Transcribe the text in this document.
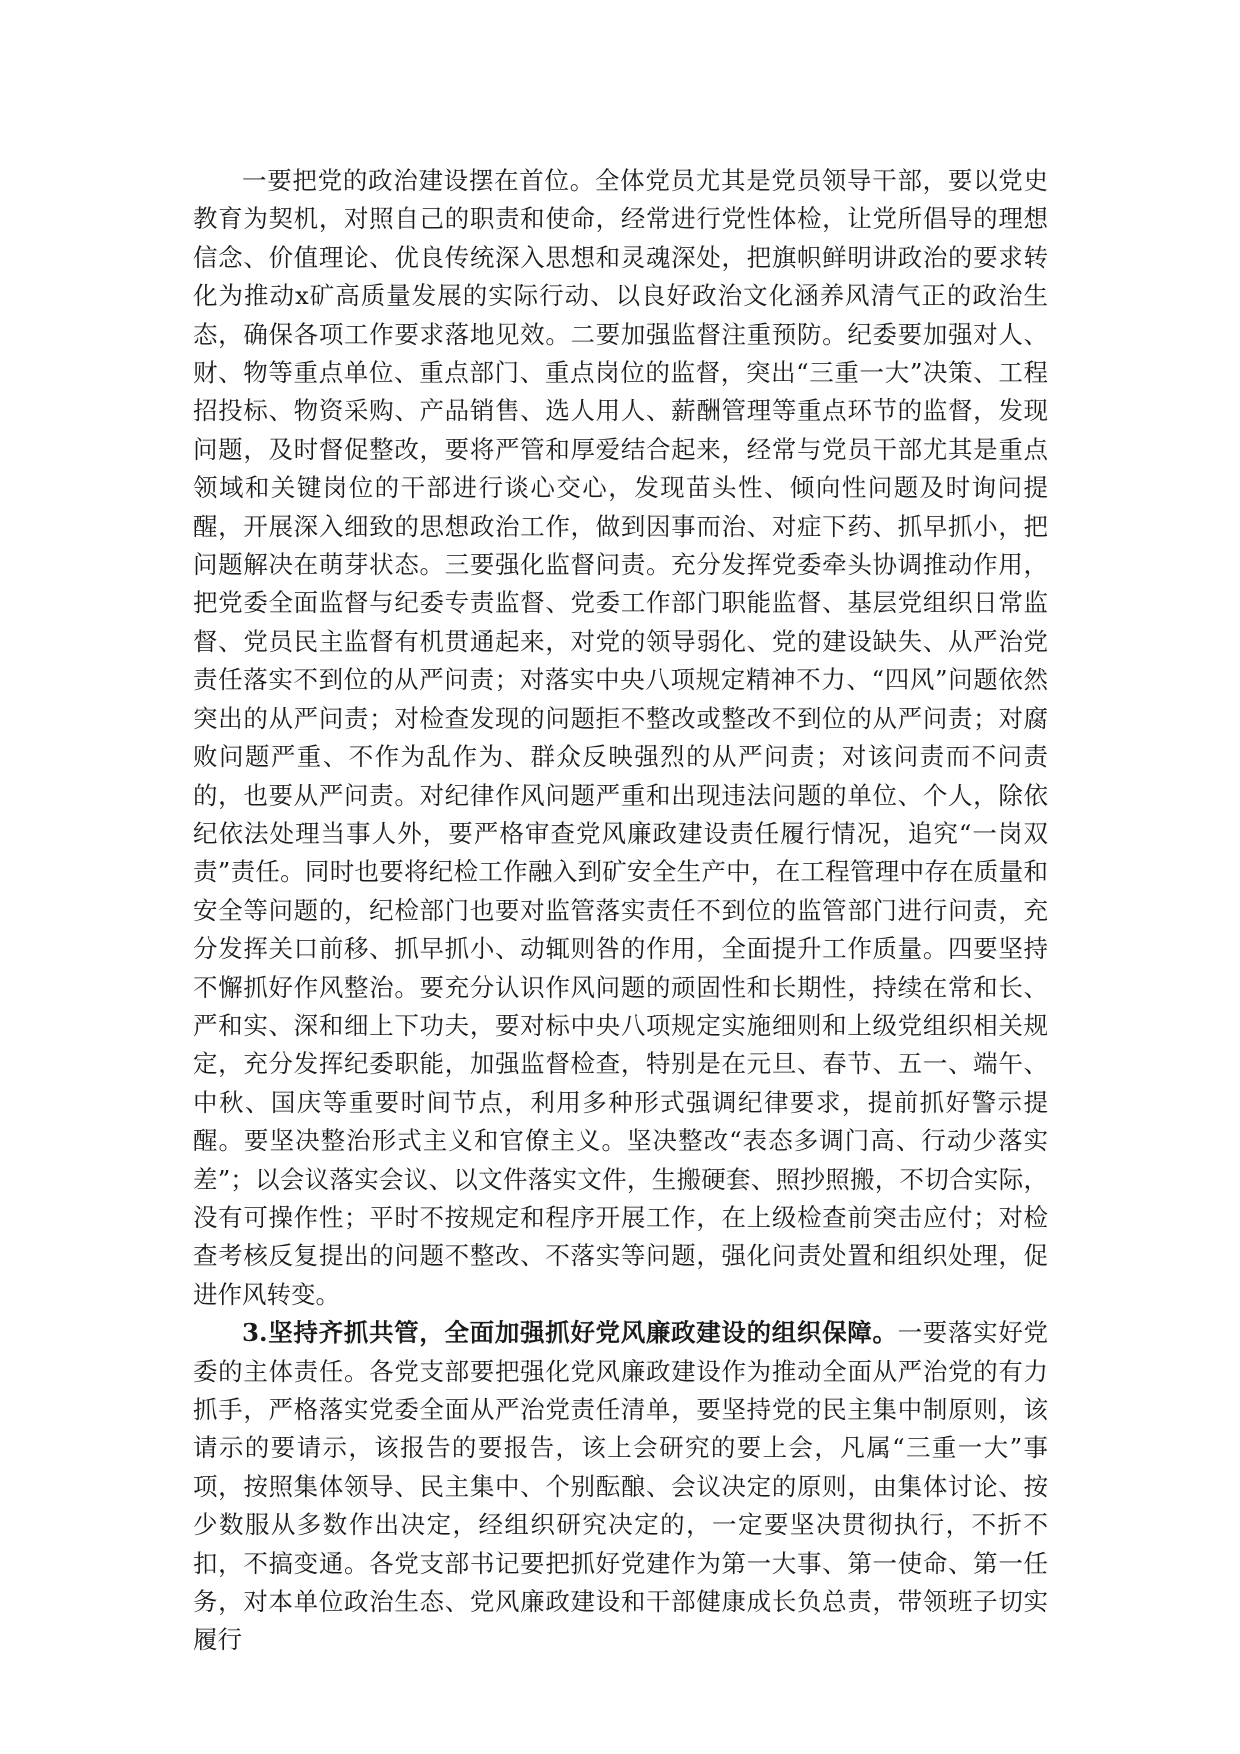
一要把党的政治建设摆在首位。全体党员尤其是党员领导干部，要以党史教育为契机，对照自己的职责和使命，经常进行党性体检，让党所倡导的理想信念、价值理论、优良传统深入思想和灵魂深处，把旗帜鲜明讲政治的要求转化为推动x矿高质量发展的实际行动、以良好政治文化涵养风清气正的政治生态，确保各项工作要求落地见效。二要加强监督注重预防。纪委要加强对人、财、物等重点单位、重点部门、重点岗位的监督，突出“三重一大”决策、工程招投标、物资采购、产品销售、选人用人、薪酬管理等重点环节的监督，发现问题，及时督促整改，要将严管和厚爱结合起来，经常与党员干部尤其是重点领域和关键岗位的干部进行谈心交心，发现苗头性、倾向性问题及时询问提醒，开展深入细致的思想政治工作，做到因事而治、对症下药、抓早抓小，把问题解决在萌芽状态。三要强化监督问责。充分发挥党委牵头协调推动作用，把党委全面监督与纪委专责监督、党委工作部门职能监督、基层党组织日常监督、党员民主监督有机贯通起来，对党的领导弱化、党的建设缺失、从严治党责任落实不到位的从严问责；对落实中央八项规定精神不力、“四风”问题依然突出的从严问责；对检查发现的问题拒不整改或整改不到位的从严问责；对腐败问题严重、不作为乱作为、群众反映强烈的从严问责；对该问责而不问责的，也要从严问责。对纪律作风问题严重和出现违法问题的单位、个人，除依纪依法处理当事人外，要严格审查党风廉政建设责任履行情况，追究“一岗双责”责任。同时也要将纪检工作融入到矿安全生产中，在工程管理中存在质量和安全等问题的，纪检部门也要对监管落实责任不到位的监管部门进行问责，充分发挥关口前移、抓早抓小、动辄则咎的作用，全面提升工作质量。四要坚持不懈抓好作风整治。要充分认识作风问题的顽固性和长期性，持续在常和长、严和实、深和细上下功夫，要对标中央八项规定实施细则和上级党组织相关规定，充分发挥纪委职能，加强监督检查，特别是在元旦、春节、五一、端午、中秋、国庆等重要时间节点，利用多种形式强调纪律要求，提前抓好警示提醒。要坚决整治形式主义和官僚主义。坚决整改“表态多调门高、行动少落实差”；以会议落实会议、以文件落实文件，生搬硬套、照抄照搬，不切合实际，没有可操作性；平时不按规定和程序开展工作，在上级检查前突击应付；对检查考核反复提出的问题不整改、不落实等问题，强化问责处置和组织处理，促进作风转变。

3.坚持齐抓共管，全面加强抓好党风廉政建设的组织保障。一要落实好党委的主体责任。各党支部要把强化党风廉政建设作为推动全面从严治党的有力抓手，严格落实党委全面从严治党责任清单，要坚持党的民主集中制原则，该请示的要请示，该报告的要报告，该上会研究的要上会，凡属“三重一大”事项，按照集体领导、民主集中、个别酝酿、会议决定的原则，由集体讨论、按少数服从多数作出决定，经组织研究决定的，一定要坚决贯彻执行，不折不扣，不搞变通。各党支部书记要把抓好党建作为第一大事、第一使命、第一任务，对本单位政治生态、党风廉政建设和干部健康成长负总责，带领班子切实履行
